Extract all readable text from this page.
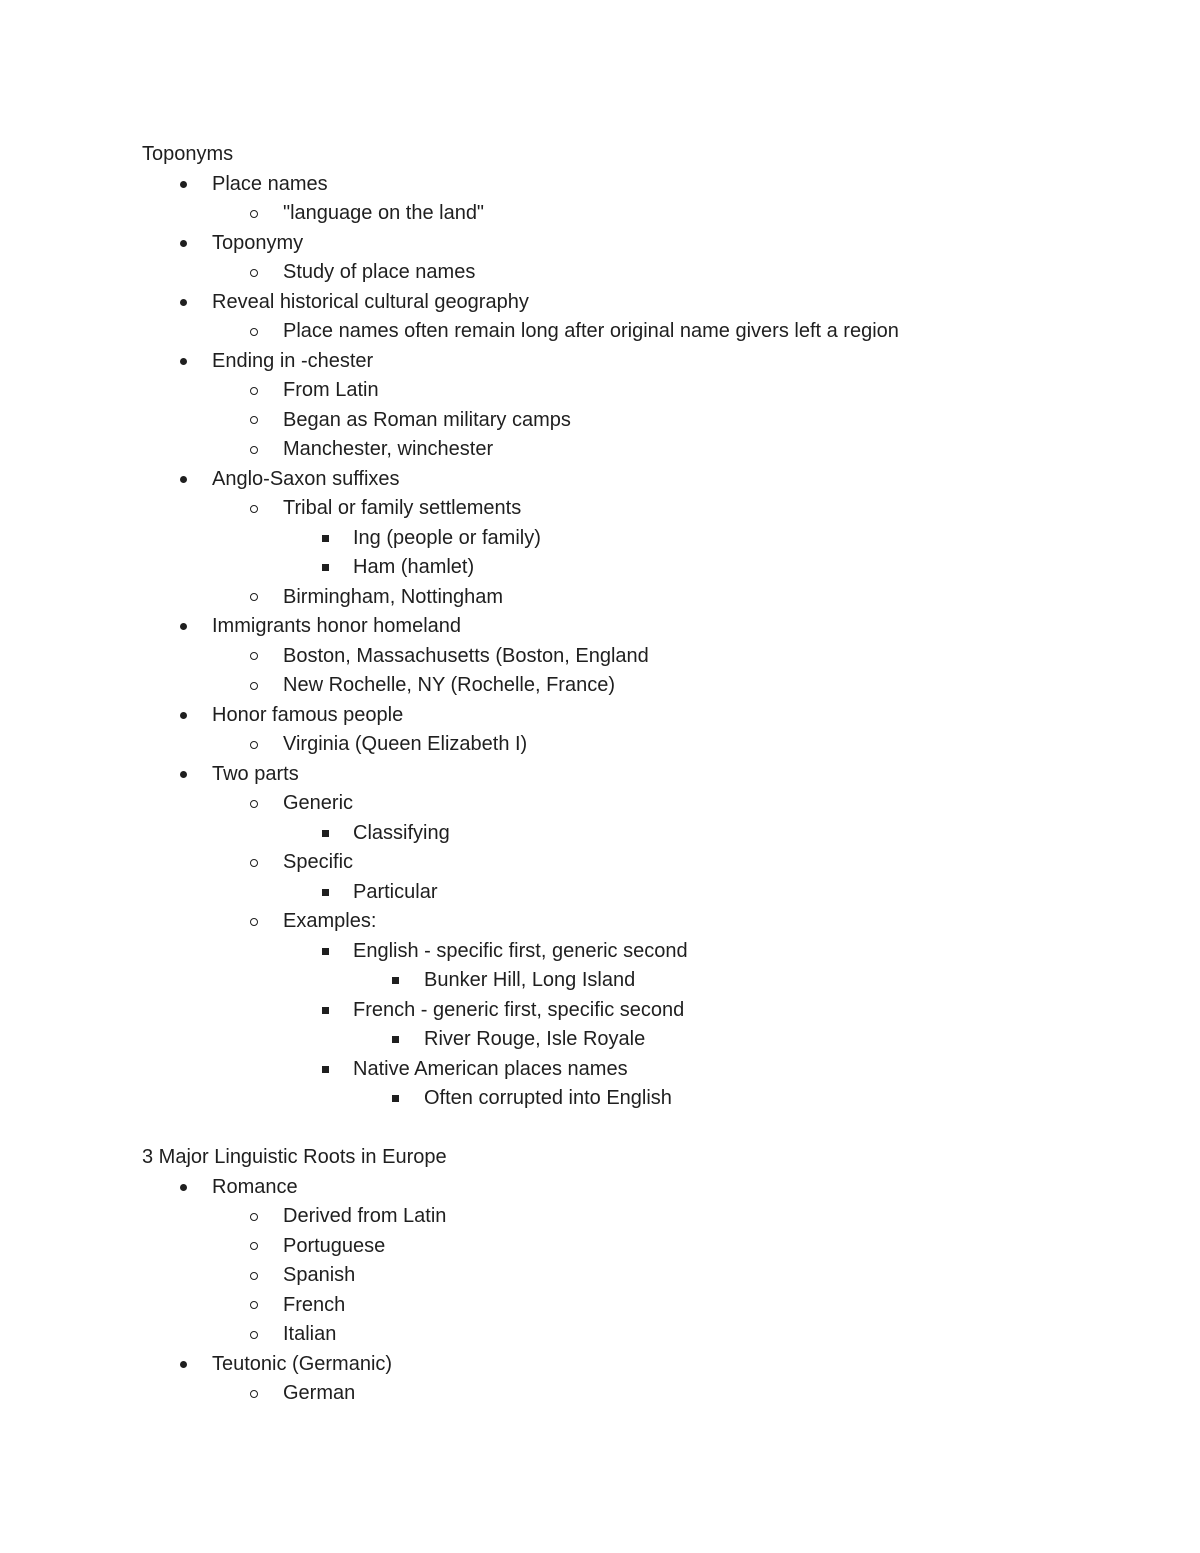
Toponyms
Place names
"language on the land"
Toponymy
Study of place names
Reveal historical cultural geography
Place names often remain long after original name givers left a region
Ending in -chester
From Latin
Began as Roman military camps
Manchester, winchester
Anglo-Saxon suffixes
Tribal or family settlements
Ing (people or family)
Ham (hamlet)
Birmingham, Nottingham
Immigrants honor homeland
Boston, Massachusetts (Boston, England
New Rochelle, NY (Rochelle, France)
Honor famous people
Virginia (Queen Elizabeth I)
Two parts
Generic
Classifying
Specific
Particular
Examples:
English - specific first, generic second
Bunker Hill, Long Island
French - generic first, specific second
River Rouge, Isle Royale
Native American places names
Often corrupted into English
3 Major Linguistic Roots in Europe
Romance
Derived from Latin
Portuguese
Spanish
French
Italian
Teutonic (Germanic)
German
